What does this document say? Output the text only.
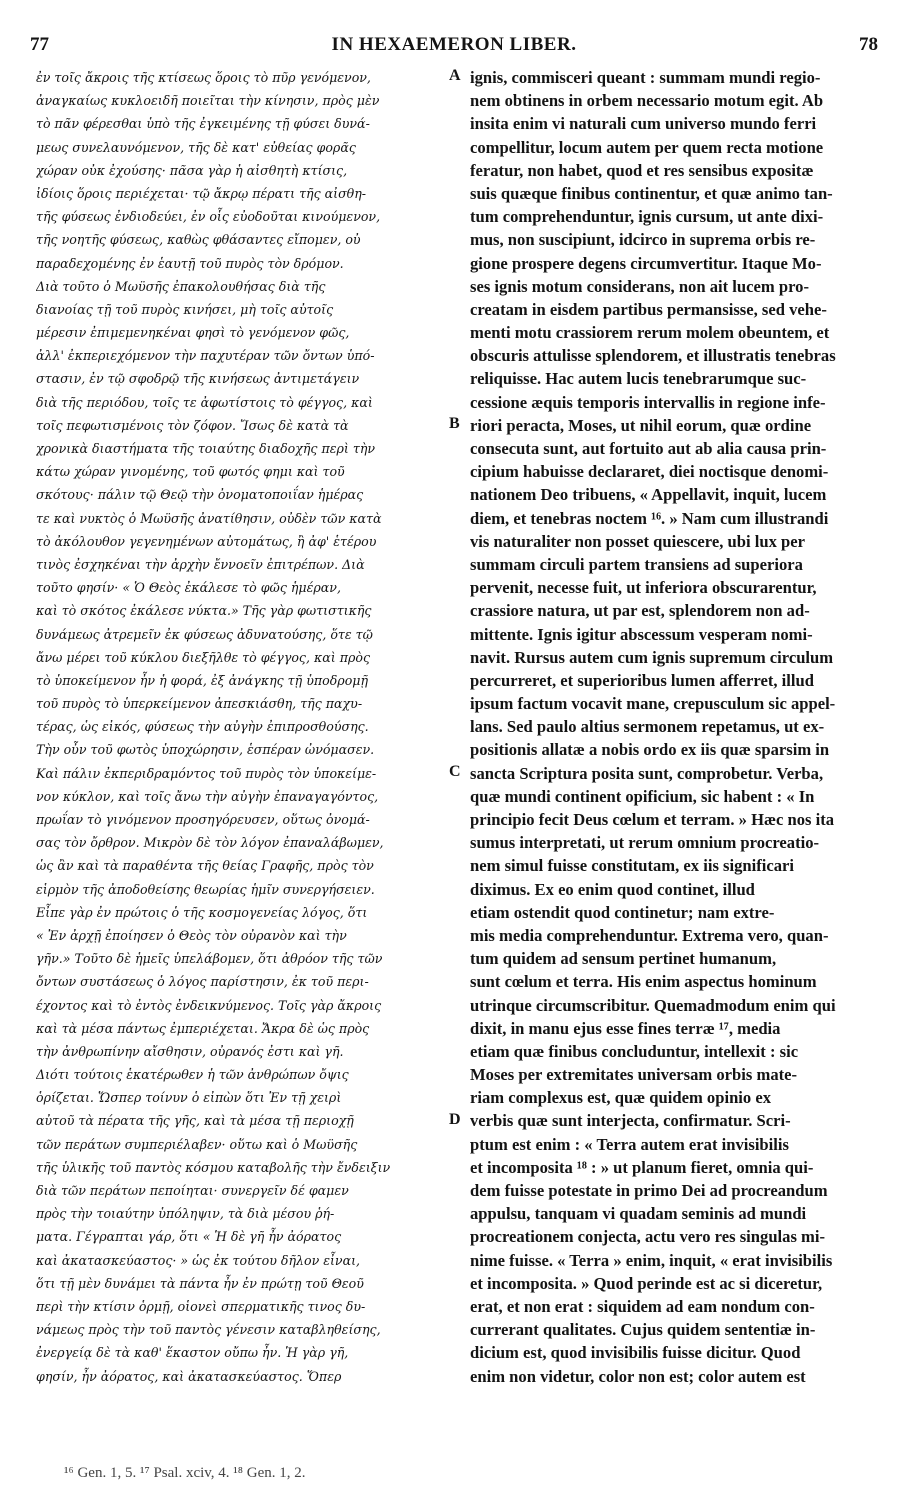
77	IN HEXAEMERON LIBER.	78
ἐν τοῖς ἄκροις τῆς κτίσεως ὅροις τὸ πῦρ γενόμενον,
ἀναγκαίως κυκλοειδῆ ποιεῖται τὴν κίνησιν, πρὸς μὲν
τὸ πᾶν φέρεσθαι ὑπὸ τῆς ἐγκειμένης τῇ φύσει δυνά-
μεως συνελαυνόμενον, τῆς δὲ κατ' εὐθείας φορᾶς
χώραν οὐκ ἐχούσης· πᾶσα γὰρ ἡ αἰσθητὴ κτίσις,
ἰδίοις ὅροις περιέχεται· τῷ ἄκρῳ πέρατι τῆς αἰσθη-
τῆς φύσεως ἐνδιοδεύει, ἐν οἷς εὐοδοῦται κινούμενον,
τῆς νοητῆς φύσεως, καθὼς φθάσαντες εἴπομεν, οὐ
παραδεχομένης ἐν ἑαυτῇ τοῦ πυρὸς τὸν δρόμον.
Διὰ τοῦτο ὁ Μωϋσῆς ἐπακολουθήσας διὰ τῆς
διανοίας τῇ τοῦ πυρὸς κινήσει, μὴ τοῖς αὐτοῖς
μέρεσιν ἐπιμεμενηκέναι φησὶ τὸ γενόμενον φῶς,
ἀλλ' ἐκπεριεχόμενον τὴν παχυτέραν τῶν ὄντων ὑπό-
στασιν, ἐν τῷ σφοδρῷ τῆς κινήσεως ἀντιμετάγειν
διὰ τῆς περιόδου, τοῖς τε ἀφωτίστοις τὸ φέγγος, καὶ
τοῖς πεφωτισμένοις τὸν ζόφον. Ἴσως δὲ κατὰ τὰ
χρονικὰ διαστήματα τῆς τοιαύτης διαδοχῆς περὶ τὴν
κάτω χώραν γινομένης, τοῦ φωτός φημι καὶ τοῦ
σκότους· πάλιν τῷ Θεῷ τὴν ὀνοματοποιΐαν ἡμέρας
τε καὶ νυκτὸς ὁ Μωϋσῆς ἀνατίθησιν, οὐδὲν τῶν κατὰ
τὸ ἀκόλουθον γεγενημένων αὐτομάτως, ἢ ἀφ' ἑτέρου
τινὸς ἐσχηκέναι τὴν ἀρχὴν ἔννοεῖν ἐπιτρέπων. Διὰ
τοῦτο φησίν· « Ὁ Θεὸς ἐκάλεσε τὸ φῶς ἡμέραν,
καὶ τὸ σκότος ἐκάλεσε νύκτα.» Τῆς γὰρ φωτιστικῆς
δυνάμεως ἀτρεμεῖν ἐκ φύσεως ἀδυνατούσης, ὅτε τῷ
ἄνω μέρει τοῦ κύκλου διεξῆλθε τὸ φέγγος, καὶ πρὸς
τὸ ὑποκείμενον ἦν ἡ φορά, ἐξ ἀνάγκης τῇ ὑποδρομῇ
τοῦ πυρὸς τὸ ὑπερκείμενον ἀπεσκιάσθη, τῆς παχυ-
τέρας, ὡς εἰκός, φύσεως τὴν αὐγὴν ἐπιπροσθούσης.
Τὴν οὖν τοῦ φωτὸς ὑποχώρησιν, ἑσπέραν ὠνόμασεν.
Καὶ πάλιν ἐκπεριδραμόντος τοῦ πυρὸς τὸν ὑποκείμε-
νον κύκλον, καὶ τοῖς ἄνω τὴν αὐγὴν ἐπαναγαγόντος,
πρωΐαν τὸ γινόμενον προσηγόρευσεν, οὕτως ὀνομά-
σας τὸν ὄρθρον. Μικρὸν δὲ τὸν λόγον ἐπαναλάβωμεν,
ὡς ἂν καὶ τὰ παραθέντα τῆς θείας Γραφῆς, πρὸς τὸν
εἱρμὸν τῆς ἀποδοθείσης θεωρίας ἡμῖν συνεργήσειεν.
Εἶπε γὰρ ἐν πρώτοις ὁ τῆς κοσμογενείας λόγος, ὅτι
« Ἐν ἀρχῇ ἐποίησεν ὁ Θεὸς τὸν οὐρανὸν καὶ τὴν
γῆν.» Τοῦτο δὲ ἡμεῖς ὑπελάβομεν, ὅτι ἀθρόον τῆς τῶν
ὄντων συστάσεως ὁ λόγος παρίστησιν, ἐκ τοῦ περι-
έχοντος καὶ τὸ ἐντὸς ἐνδεικνύμενος. Τοῖς γὰρ ἄκροις
καὶ τὰ μέσα πάντως ἐμπεριέχεται. Ἄκρα δὲ ὡς πρὸς
τὴν ἀνθρωπίνην αἴσθησιν, οὐρανός ἐστι καὶ γῆ.
Διότι τούτοις ἑκατέρωθεν ἡ τῶν ἀνθρώπων ὄψις
ὁρίζεται. Ὥσπερ τοίνυν ὁ εἰπὼν ὅτι Ἐν τῇ χειρὶ
αὐτοῦ τὰ πέρατα τῆς γῆς, καὶ τὰ μέσα τῇ περιοχῇ
τῶν περάτων συμπεριέλαβεν· οὕτω καὶ ὁ Μωϋσῆς
τῆς ὑλικῆς τοῦ παντὸς κόσμου καταβολῆς τὴν ἔνδειξιν
διὰ τῶν περάτων πεποίηται· συνεργεῖν δέ φαμεν
πρὸς τὴν τοιαύτην ὑπόληψιν, τὰ διὰ μέσου ῥή-
ματα. Γέγραπται γάρ, ὅτι « Ἡ δὲ γῆ ἦν ἀόρατος
καὶ ἀκατασκεύαστος· » ὡς ἐκ τούτου δῆλον εἶναι,
ὅτι τῇ μὲν δυνάμει τὰ πάντα ἦν ἐν πρώτῃ τοῦ Θεοῦ
περὶ τὴν κτίσιν ὁρμῇ, οἱονεὶ σπερματικῆς τινος δυ-
νάμεως πρὸς τὴν τοῦ παντὸς γένεσιν καταβληθείσης,
ἐνεργείᾳ δὲ τὰ καθ' ἕκαστον οὔπω ἦν. Ἡ γὰρ γῆ,
φησίν, ἦν ἀόρατος, καὶ ἀκατασκεύαστος. Ὅπερ
ignis, commisceri queant : summam mundi regio-
nem obtinens in orbem necessario motum egit. Ab
insita enim vi naturali cum universo mundo ferri
compellitur, locum autem per quem recta motione
feratur, non habet, quod et res sensibus expositæ
suis quæque finibus continentur, et quæ animo tan-
tum comprehenduntur, ignis cursum, ut ante dixi-
mus, non suscipiunt, idcirco in suprema orbis re-
gione prospere degens circumvertitur. Itaque Mo-
ses ignis motum considerans, non ait lucem pro-
creatam in eisdem partibus permansisse, sed vehe-
menti motu crassiorem rerum molem obeuntem, et
obscuris attulisse splendorem, et illustratis tenebras
reliquisse. Hac autem lucis tenebrarumque suc-
cessione æquis temporis intervallis in regione infe-
riori peracta, Moses, ut nihil eorum, quæ ordine
consecuta sunt, aut fortuito aut ab alia causa prin-
cipium habuisse declararet, diei noctisque denomi-
nationem Deo tribuens, « Appellavit, inquit, lucem
diem, et tenebras noctem ¹⁶. » Nam cum illustrandi
vis naturaliter non posset quiescere, ubi lux per
summam circuli partem transiens ad superiora
pervenit, necesse fuit, ut inferiora obscurarentur,
crassiore natura, ut par est, splendorem non ad-
mittente. Ignis igitur abscessum vesperam nomi-
navit. Rursus autem cum ignis supremum circulum
percurreret, et superioribus lumen afferret, illud
ipsum factum vocavit mane, crepusculum sic appel-
lans. Sed paulo altius sermonem repetamus, ut ex-
positionis allatæ a nobis ordo ex iis quæ sparsim in
sancta Scriptura posita sunt, comprobetur. Verba,
quæ mundi continent opificium, sic habent : « In
principio fecit Deus cœlum et terram. » Hæc nos ita
sumus interpretati, ut rerum omnium procreatio-
nem simul fuisse constitutam, ex iis significari
diximus. Ex eo enim quod continet, illud
etiam ostendit quod continetur; nam extre-
mis media comprehenduntur. Extrema vero, quan-
tum quidem ad sensum pertinet humanum,
sunt cœlum et terra. His enim aspectus hominum
utrinque circumscribitur. Quemadmodum enim qui
dixit, in manu ejus esse fines terræ ¹⁷, media
etiam quæ finibus concluduntur, intellexit : sic
Moses per extremitates universam orbis mate-
riam complexus est, quæ quidem opinio ex
verbis quæ sunt interjecta, confirmatur. Scri-
ptum est enim : « Terra autem erat invisibilis
et incomposita ¹⁸ : » ut planum fieret, omnia qui-
dem fuisse potestate in primo Dei ad procreandum
appulsu, tanquam vi quadam seminis ad mundi
procreationem conjecta, actu vero res singulas mi-
nime fuisse. « Terra » enim, inquit, « erat invisibilis
et incomposita. » Quod perinde est ac si diceretur,
erat, et non erat : siquidem ad eam nondum con-
currerant qualitates. Cujus quidem sententiæ in-
dicium est, quod invisibilis fuisse dicitur. Quod
enim non videtur, color non est; color autem est
A
B
C
D
¹⁶ Gen. 1, 5. ¹⁷ Psal. xciv, 4. ¹⁸ Gen. 1, 2.
